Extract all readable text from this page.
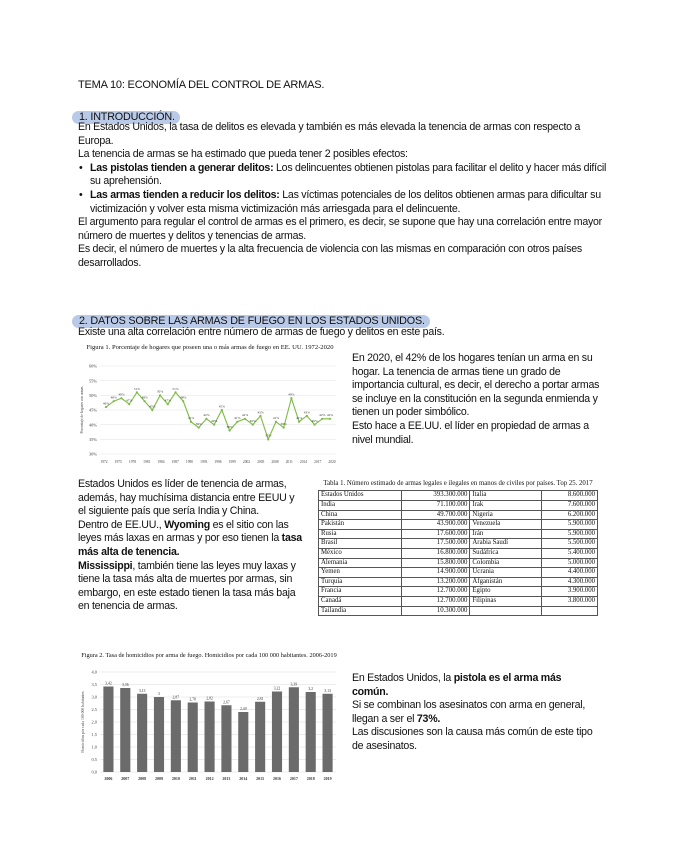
TEMA 10: ECONOMÍA DEL CONTROL DE ARMAS.
1. INTRODUCCIÓN.
En Estados Unidos, la tasa de delitos es elevada y también es más elevada la tenencia de armas con respecto a Europa.
La tenencia de armas se ha estimado que pueda tener 2 posibles efectos:
• Las pistolas tienden a generar delitos: Los delincuentes obtienen pistolas para facilitar el delito y hacer más difícil su aprehensión.
• Las armas tienden a reducir los delitos: Las víctimas potenciales de los delitos obtienen armas para dificultar su victimización y volver esta misma victimización más arriesgada para el delincuente.
El argumento para regular el control de armas es el primero, es decir, se supone que hay una correlación entre mayor número de muertes y delitos y tenencias de armas.
Es decir, el número de muertes y la alta frecuencia de violencia con las mismas en comparación con otros países desarrollados.
2. DATOS SOBRE LAS ARMAS DE FUEGO EN LOS ESTADOS UNIDOS.
Existe una alta correlación entre número de armas de fuego y delitos en este país.
Figura 1. Porcentaje de hogares que poseen una o más armas de fuego en EE. UU. 1972-2020
30%
35%
40%
45%
50%
55%
60%
Porcentaje de hogares con armas	46%
48%
49%
47%
51%
48%
45%
50%
47%
51%
48%
41%
39%
42%
40%
45%
38%
41%
42%
40%
43%
35%
41%
39%
49%
41%
43%
40%
42% 42%
1972 1975 1978 1981 1984 1987 1990 1993 1996 1999 2002 2005 2008 2011 2014 2017 2020
En 2020, el 42% de los hogares tenían un arma en su hogar. La tenencia de armas tiene un grado de importancia cultural, es decir, el derecho a portar armas se incluye en la constitución en la segunda enmienda y tienen un poder simbólico.
Esto hace a EE.UU. el líder en propiedad de armas a nivel mundial.
Estados Unidos es líder de tenencia de armas, además, hay muchísima distancia entre EEUU y el siguiente país que sería India y China.
Dentro de EE.UU., Wyoming es el sitio con las leyes más laxas en armas y por eso tienen la tasa más alta de tenencia.
Mississippi, también tiene las leyes muy laxas y tiene la tasa más alta de muertes por armas, sin embargo, en este estado tienen la tasa más baja en tenencia de armas.
Tabla 1. Número estimado de armas legales e ilegales en manos de civiles por países. Top 25. 2017
Estados Unidos	393.300.000	Italia	8.600.000
India	71.100.000	Irak	7.600.000
China	49.700.000	Nigeria	6.200.000
Pakistán	43.900.000	Venezuela	5.900.000
Rusia	17.600.000	Irán	5.900.000
Brasil	17.500.000	Arabia Saudí	5.500.000
México	16.800.000	Sudáfrica	5.400.000
Alemania	15.800.000	Colombia	5.000.000
Yemen	14.900.000	Ucrania	4.400.000
Turquía	13.200.000	Afganistán	4.300.000
Francia	12.700.000	Egipto	3.900.000
Canadá	12.700.000	Filipinas	3.800.000
Tailandia	10.300.000		
Figura 2. Tasa de homicidios por arma de fuego. Homicidios por cada 100 000 habitantes. 2006-2019
0,0
0,5
1,0
1,5
2,0
2,5
3,0
3,5
4,0
Homicidios por cada 100 000 habitantes
3,42
2006
3,36
2007
3,13
2008
3
2009
2,87
2010
2,78
2011
2,82
2012
2,67
2013
2,40
2014
2,81
2015
3,22
2016
3,39
2017
3,2
2018
3,13
2019
En Estados Unidos, la pistola es el arma más común.
Si se combinan los asesinatos con arma en general, llegan a ser el 73%.
Las discusiones son la causa más común de este tipo de asesinatos.
